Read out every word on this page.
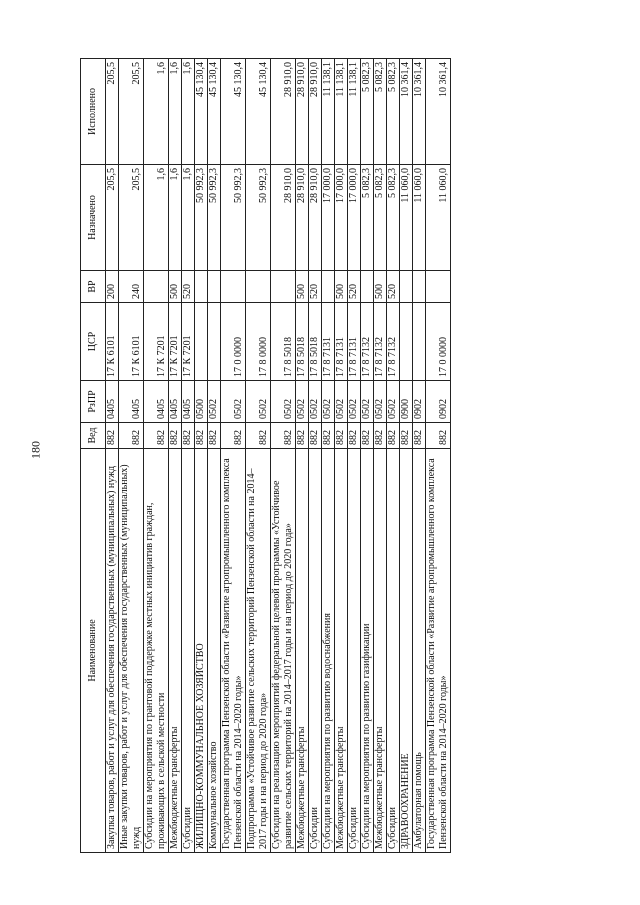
180
Наименование	Вед	РзПР	ЦСР	ВР	Назначено	Исполнено
Закупка товаров, работ и услуг для обеспечения государственных (муниципальных) нужд	882	0405	17 К 6101	200	205,5	205,5
Иные закупки товаров, работ и услуг для обеспечения государственных (муниципальных) нужд	882	0405	17 К 6101	240	205,5	205,5
Субсидии на мероприятия по грантовой поддержке местных инициатив граждан, проживающих в сельской местности	882	0405	17 К 7201		1,6	1,6
Межбюджетные трансферты	882	0405	17 К 7201	500	1,6	1,6
Субсидии	882	0405	17 К 7201	520	1,6	1,6
ЖИЛИЩНО-КОММУНАЛЬНОЕ ХОЗЯЙСТВО	882	0500			50 992,3	45 130,4
Коммунальное хозяйство	882	0502			50 992,3	45 130,4
Государственная программа Пензенской области «Развитие агропромышленного комплекса Пензенской области на 2014–2020 годы»	882	0502	17 0 0000		50 992,3	45 130,4
Подпрограмма «Устойчивое развитие сельских территорий Пензенской области на 2014–2017 годы и на период до 2020 года»	882	0502	17 8 0000		50 992,3	45 130,4
Субсидии на реализацию мероприятий федеральной целевой программы «Устойчивое развитие сельских территорий на 2014–2017 годы и на период до 2020 года»	882	0502	17 8 5018		28 910,0	28 910,0
Межбюджетные трансферты	882	0502	17 8 5018	500	28 910,0	28 910,0
Субсидии	882	0502	17 8 5018	520	28 910,0	28 910,0
Субсидии на мероприятия по развитию водоснабжения	882	0502	17 8 7131		17 000,0	11 138,1
Межбюджетные трансферты	882	0502	17 8 7131	500	17 000,0	11 138,1
Субсидии	882	0502	17 8 7131	520	17 000,0	11 138,1
Субсидии на мероприятия по развитию газификации	882	0502	17 8 7132		5 082,3	5 082,3
Межбюджетные трансферты	882	0502	17 8 7132	500	5 082,3	5 082,3
Субсидии	882	0502	17 8 7132	520	5 082,3	5 082,3
ЗДРАВООХРАНЕНИЕ	882	0900			11 060,0	10 361,4
Амбулаторная помощь	882	0902			11 060,0	10 361,4
Государственная программа Пензенской области «Развитие агропромышленного комплекса Пензенской области на 2014–2020 годы»	882	0902	17 0 0000		11 060,0	10 361,4
